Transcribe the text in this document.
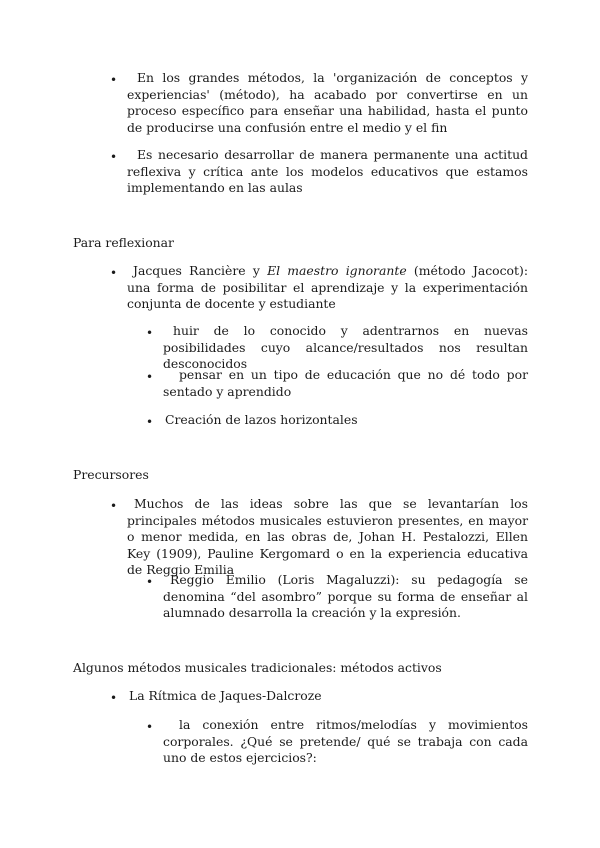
•	En los grandes métodos, la 'organización de conceptos y experiencias' (método), ha acabado por convertirse en un proceso específico para enseñar una habilidad, hasta el punto de producirse una confusión entre el medio y el fin
•	Es necesario desarrollar de manera permanente una actitud reflexiva y crítica ante los modelos educativos que estamos implementando en las aulas
Para reflexionar
•	Jacques Rancière y El maestro ignorante (método Jacocot): una forma de posibilitar el aprendizaje y la experimentación conjunta de docente y estudiante
•	huir de lo conocido y adentrarnos en nuevas posibilidades cuyo alcance/resultados nos resultan desconocidos
•	pensar en un tipo de educación que no dé todo por sentado y aprendido
• Creación de lazos horizontales
Precursores
•	Muchos de las ideas sobre las que se levantarían los principales métodos musicales estuvieron presentes, en mayor o menor medida, en las obras de, Johan H. Pestalozzi, Ellen Key (1909), Pauline Kergomard o en la experiencia educativa de Reggio Emilia
•	Reggio Emilio (Loris Magaluzzi): su pedagogía se denomina “del asombro” porque su forma de enseñar al alumnado desarrolla la creación y la expresión.
Algunos métodos musicales tradicionales: métodos activos
• La Rítmica de Jaques-Dalcroze
•	la conexión entre ritmos/melodías y movimientos corporales. ¿Qué se pretende/ qué se trabaja con cada uno de estos ejercicios?:
